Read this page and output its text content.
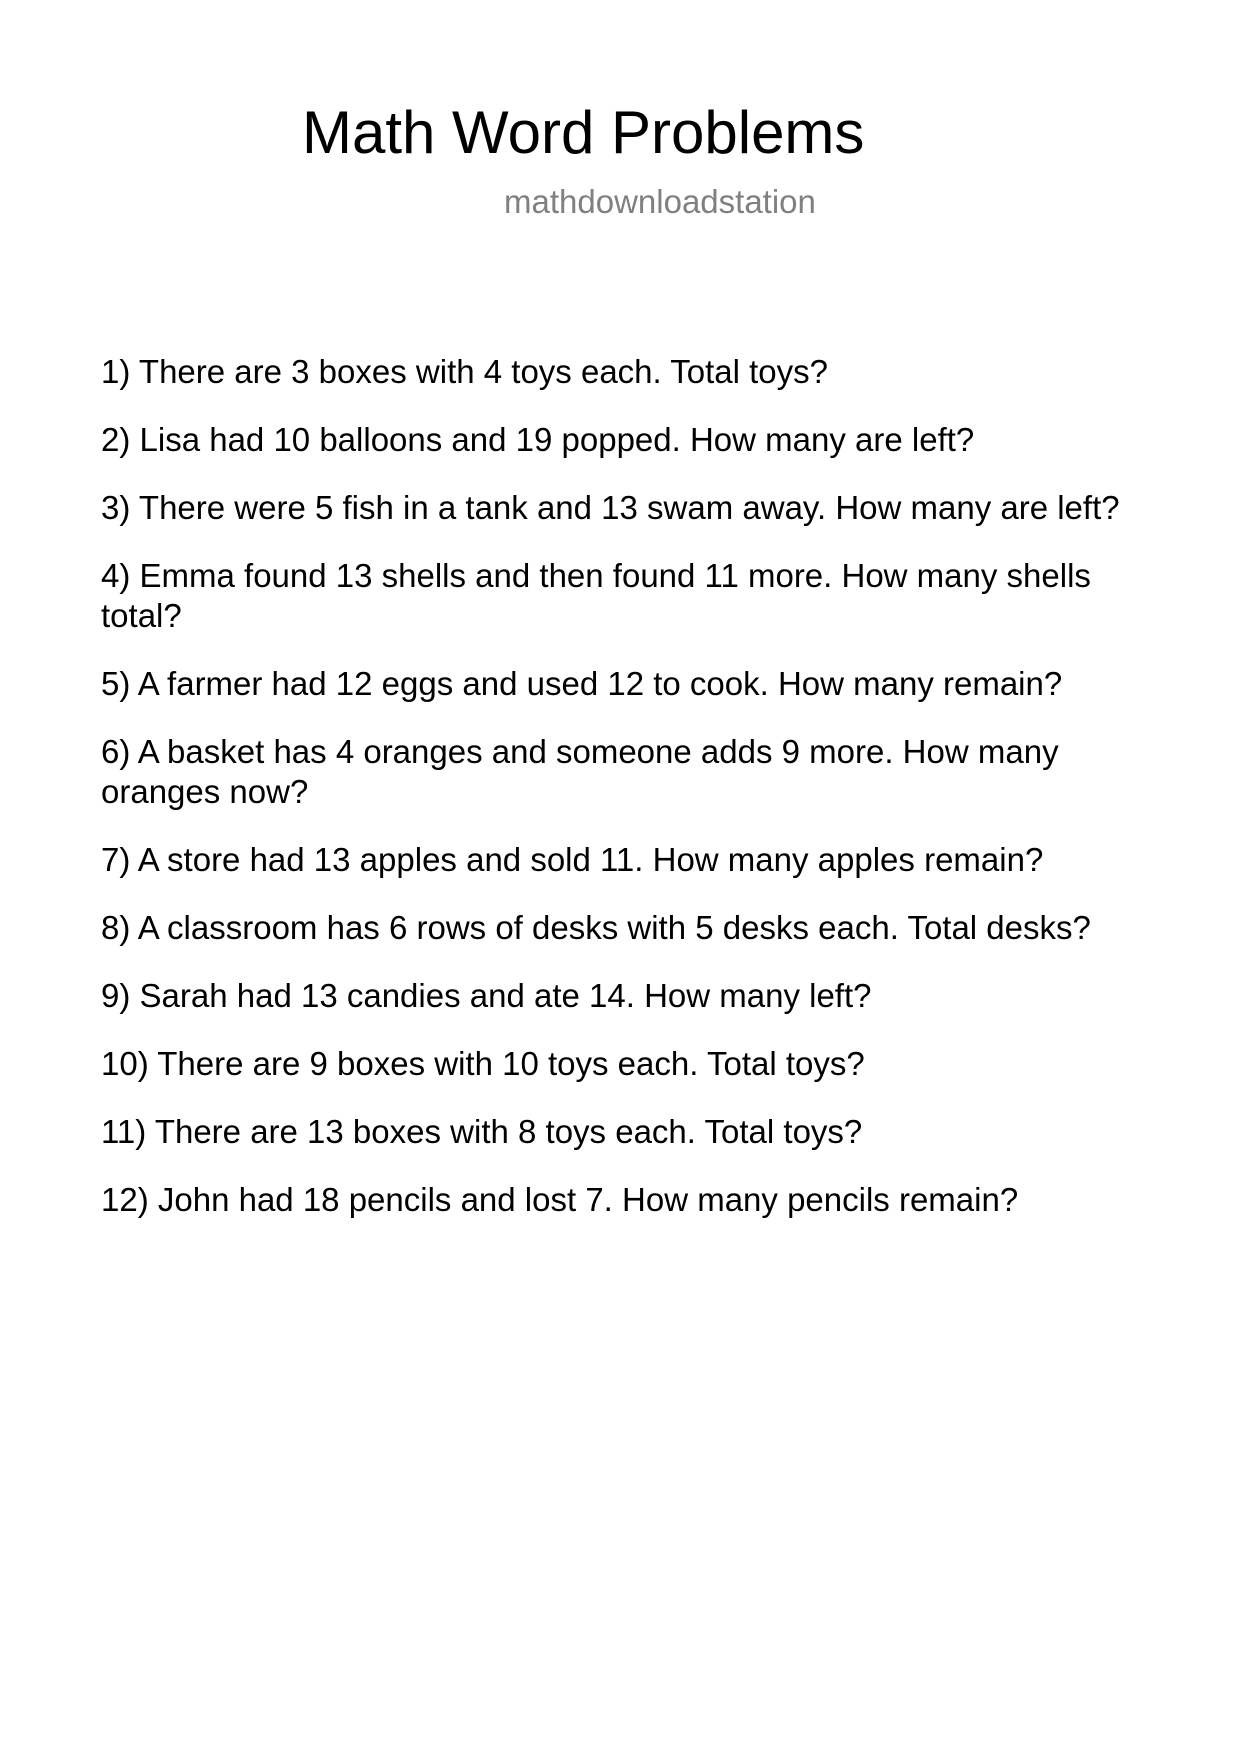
Math Word Problems
mathdownloadstation
1) There are 3 boxes with 4 toys each. Total toys?
2) Lisa had 10 balloons and 19 popped. How many are left?
3) There were 5 fish in a tank and 13 swam away. How many are left?
4) Emma found 13 shells and then found 11 more. How many shells total?
5) A farmer had 12 eggs and used 12 to cook. How many remain?
6) A basket has 4 oranges and someone adds 9 more. How many oranges now?
7) A store had 13 apples and sold 11. How many apples remain?
8) A classroom has 6 rows of desks with 5 desks each. Total desks?
9) Sarah had 13 candies and ate 14. How many left?
10) There are 9 boxes with 10 toys each. Total toys?
11) There are 13 boxes with 8 toys each. Total toys?
12) John had 18 pencils and lost 7. How many pencils remain?
